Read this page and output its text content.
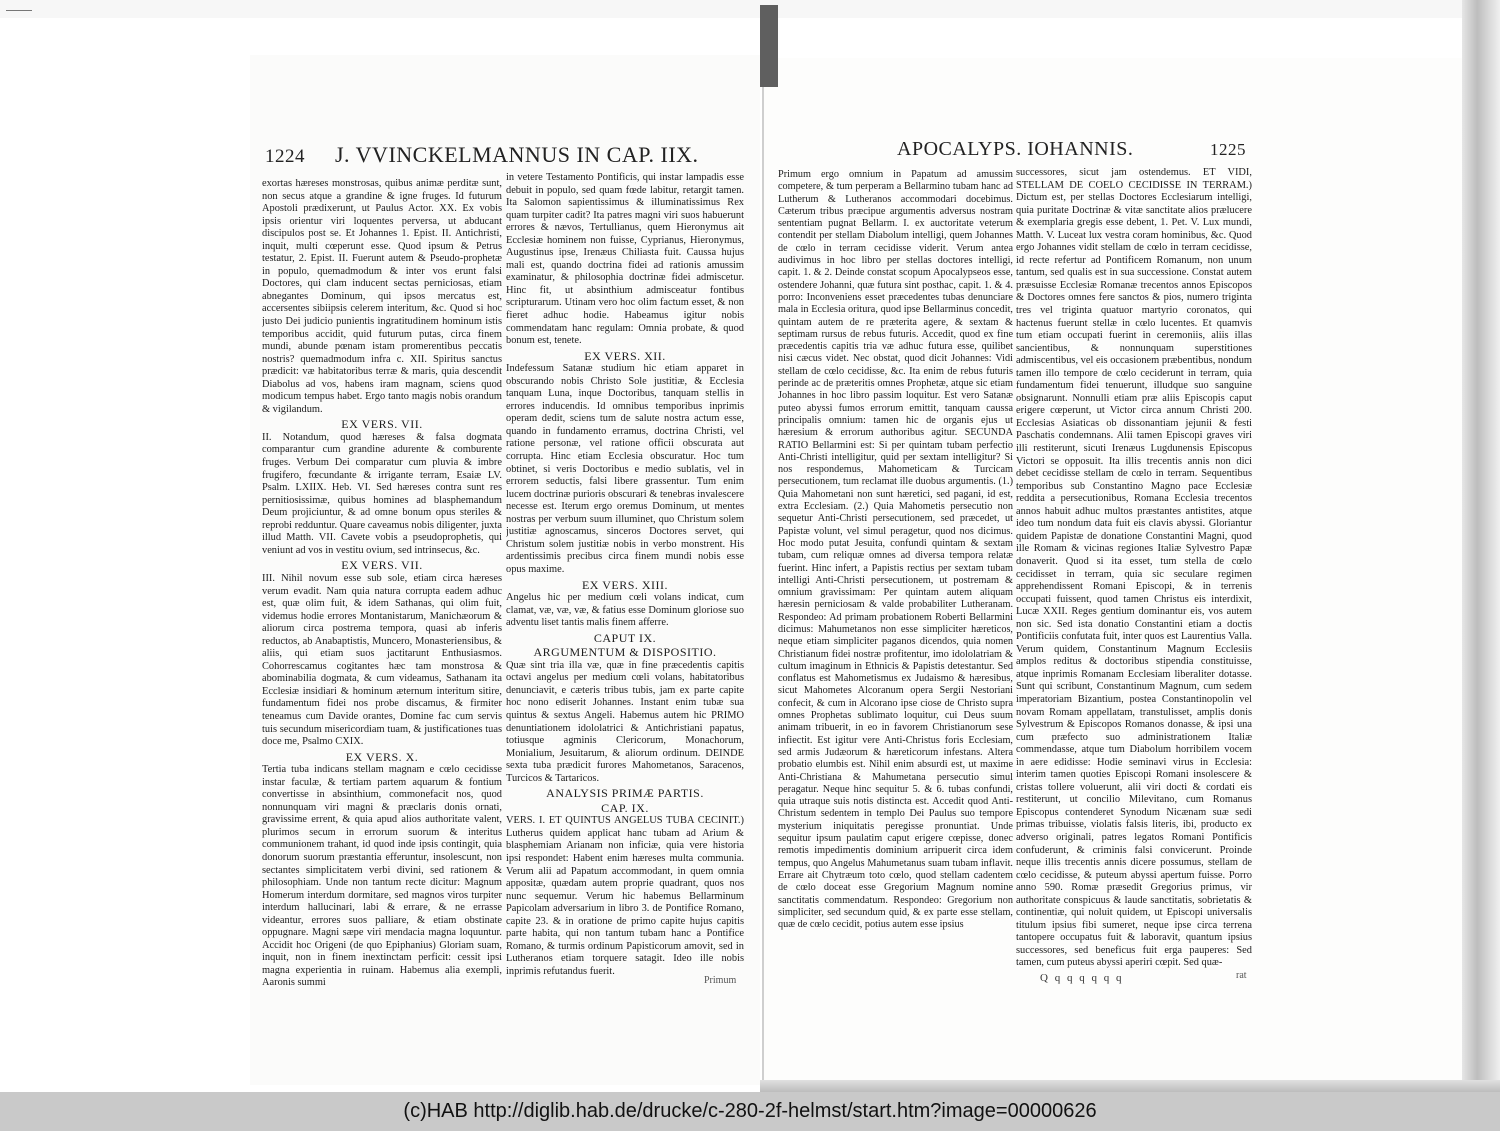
1224 J. VVINCKELMANNUS IN CAP. IIX.	APOCALYPS. IOHANNIS.	1225

exortas hæreses monstrosas, quibus animæ perditæ sunt, non secus atque a grandine & igne fruges. Id futurum Apostoli prædixerunt, ut Paulus Actor. XX. Ex vobis ipsis orientur viri loquentes perversa, ut abducant discipulos post se. Et Johannes 1. Epist. II. Antichristi, inquit, multi cœperunt esse. Quod ipsum & Petrus testatur, 2. Epist. II. Fuerunt autem & Pseudo-prophetæ in populo, quemadmodum & inter vos erunt falsi Doctores, qui clam inducent sectas perniciosas, etiam abnegantes Dominum, qui ipsos mercatus est, accersentes sibiipsis celerem interitum, &c. Quod si hoc justo Dei judicio punientis ingratitudinem hominum istis temporibus accidit, quid futurum putas, circa finem mundi, abunde pœnam istam promerentibus peccatis nostris? quemadmodum infra c. XII. Spiritus sanctus prædicit: væ habitatoribus terræ & maris, quia descendit Diabolus ad vos, habens iram magnam, sciens quod modicum tempus habet. Ergo tanto magis nobis orandum & vigilandum.

EX VERS. VII.

II. Notandum, quod hæreses & falsa dogmata comparantur cum grandine adurente & comburente fruges. Verbum Dei comparatur cum pluvia & imbre frugifero, fœcundante & irrigante terram, Esaiæ LV. Psalm. LXIIX. Heb. VI. Sed hæreses contra sunt res pernitiosissimæ, quibus homines ad blasphemandum Deum projiciuntur, & ad omne bonum opus steriles & reprobi redduntur. Quare caveamus nobis diligenter, juxta illud Matth. VII. Cavete vobis a pseudoprophetis, qui veniunt ad vos in vestitu ovium, sed intrinsecus, &c.

EX VERS. VII.

III. Nihil novum esse sub sole, etiam circa hæreses verum evadit. Nam quia natura corrupta eadem adhuc est, quæ olim fuit, & idem Sathanas, qui olim fuit, videmus hodie errores Montanistarum, Manichæorum & aliorum circa postrema tempora, quasi ab inferis reductos, ab Anabaptistis, Muncero, Monasteriensibus, & aliis, qui etiam suos jactitarunt Enthusiasmos. Cohorrescamus cogitantes hæc tam monstrosa & abominabilia dogmata, & cum videamus, Sathanam ita Ecclesiæ insidiari & hominum æternum interitum sitire, fundamentum fidei nos probe discamus, & firmiter teneamus cum Davide orantes, Domine fac cum servis tuis secundum misericordiam tuam, & justificationes tuas doce me, Psalmo CXIX.

EX VERS. X.

Tertia tuba indicans stellam magnam e cœlo cecidisse instar faculæ, & tertiam partem aquarum & fontium convertisse in absinthium, commonefacit nos, quod nonnunquam viri magni & præclaris donis ornati, gravissime errent, & quia apud alios authoritate valent, plurimos secum in errorum suorum & interitus communionem trahant, id quod inde ipsis contingit, quia donorum suorum præstantia efferuntur, insolescunt, non sectantes simplicitatem verbi divini, sed rationem & philosophiam. Unde non tantum recte dicitur: Magnum Homerum interdum dormitare, sed magnos viros turpiter interdum hallucinari, labi & errare, & ne errasse videantur, errores suos palliare, & etiam obstinate oppugnare. Magni sæpe viri mendacia magna loquuntur. Accidit hoc Origeni (de quo Epiphanius) Gloriam suam, inquit, non in finem inextinctam perficit: cessit ipsi magna experientia in ruinam. Habemus alia exempli, Aaronis summi

in vetere Testamento Pontificis, qui instar lampadis esse debuit in populo, sed quam fœde labitur, retargit tamen. Ita Salomon sapientissimus & illuminatissimus Rex quam turpiter cadit? Ita patres magni viri suos habuerunt errores & nævos, Tertullianus, quem Hieronymus ait Ecclesiæ hominem non fuisse, Cyprianus, Hieronymus, Augustinus ipse, Irenæus Chiliasta fuit. Caussa hujus mali est, quando doctrina fidei ad rationis amussim examinatur, & philosophia doctrinæ fidei admiscetur. Hinc fit, ut absinthium admisceatur fontibus scripturarum. Utinam vero hoc olim factum esset, & non fieret adhuc hodie. Habeamus igitur nobis commendatam hanc regulam: Omnia probate, & quod bonum est, tenete.

EX VERS. XII.

Indefessum Satanæ studium hic etiam apparet in obscurando nobis Christo Sole justitiæ, & Ecclesia tanquam Luna, inque Doctoribus, tanquam stellis in errores inducendis. Id omnibus temporibus inprimis operam dedit, sciens tum de salute nostra actum esse, quando in fundamento erramus, doctrina Christi, vel ratione personæ, vel ratione officii obscurata aut corrupta. Hinc etiam Ecclesia obscuratur. Hoc tum obtinet, si veris Doctoribus e medio sublatis, vel in errorem seductis, falsi libere grassentur. Tum enim lucem doctrinæ purioris obscurari & tenebras invalescere necesse est. Iterum ergo oremus Dominum, ut mentes nostras per verbum suum illuminet, quo Christum solem justitiæ agnoscamus, sinceros Doctores servet, qui Christum solem justitiæ nobis in verbo monstrent. His ardentissimis precibus circa finem mundi nobis esse opus maxime.

EX VERS. XIII.

Angelus hic per medium cœli volans indicat, cum clamat, væ, væ, væ, & fatius esse Dominum gloriose suo adventu liset tantis malis finem afferre.

CAPUT IX.

ARGUMENTUM & DISPOSITIO.

Quæ sint tria illa væ, quæ in fine præcedentis capitis octavi angelus per medium cœli volans, habitatoribus denunciavit, e cæteris tribus tubis, jam ex parte capite hoc nono ediserit Johannes. Instant enim tubæ sua quintus & sextus Angeli. Habemus autem hic PRIMO denuntiationem idololatrici & Antichristiani papatus, totiusque agminis Clericorum, Monachorum, Monialium, Jesuitarum, & aliorum ordinum. DEINDE sexta tuba prædicit furores Mahometanos, Saracenos, Turcicos & Tartaricos.

ANALYSIS PRIMÆ PARTIS.

CAP. IX.

VERS. I. ET QUINTUS ANGELUS TUBA CECINIT.) Lutherus quidem applicat hanc tubam ad Arium & blasphemiam Arianam non inficiæ, quia vere historia ipsi respondet: Habent enim hæreses multa communia. Verum alii ad Papatum accommodant, in quem omnia appositæ, quædam autem proprie quadrant, quos nos nunc sequemur. Verum hic habemus Bellarminum Papicolam adversarium in libro 3. de Pontifice Romano, capite 23. & in oratione de primo capite hujus capitis parte habita, qui non tantum tubam hanc a Pontifice Romano, & turmis ordinum Papisticorum amovit, sed in Lutheranos etiam torquere satagit. Ideo ille nobis inprimis refutandus fuerit.

Primum ergo omnium in Papatum ad amussim competere, & tum perperam a Bellarmino tubam hanc ad Lutherum & Lutheranos accommodari docebimus. Cæterum tribus præcipue argumentis adversus nostram sententiam pugnat Bellarm. I. ex auctoritate veterum contendit per stellam Diabolum intelligi, quem Johannes de cœlo in terram cecidisse viderit. Verum antea audivimus in hoc libro per stellas doctores intelligi, capit. 1. & 2. Deinde constat scopum Apocalypseos esse, ostendere Johanni, quæ futura sint posthac, capit. 1. & 4. porro: Inconveniens esset præcedentes tubas denunciare mala in Ecclesia oritura, quod ipse Bellarminus concedit, quintam autem de re præterita agere, & sextam & septimam rursus de rebus futuris. Accedit, quod ex fine præcedentis capitis tria væ adhuc futura esse, quilibet nisi cæcus videt. Nec obstat, quod dicit Johannes: Vidi stellam de cœlo cecidisse, &c. Ita enim de rebus futuris perinde ac de præteritis omnes Prophetæ, atque sic etiam Johannes in hoc libro passim loquitur. Est vero Satanæ puteo abyssi fumos errorum emittit, tanquam caussa principalis omnium: tamen hic de organis ejus ut hæresium & errorum authoribus agitur. SECUNDA RATIO Bellarmini est: Si per quintam tubam perfectio Anti-Christi intelligitur, quid per sextam intelligitur? Si nos respondemus, Mahometicam & Turcicam persecutionem, tum reclamat ille duobus argumentis. (1.) Quia Mahometani non sunt hæretici, sed pagani, id est, extra Ecclesiam. (2.) Quia Mahometis persecutio non sequetur Anti-Christi persecutionem, sed præcedet, ut Papistæ volunt, vel simul peragetur, quod nos dicimus. Hoc modo putat Jesuita, confundi quintam & sextam tubam, cum reliquæ omnes ad diversa tempora relatæ fuerint. Hinc infert, a Papistis rectius per sextam tubam intelligi Anti-Christi persecutionem, ut postremam & omnium gravissimam: Per quintam autem aliquam hæresin perniciosam & valde probabiliter Lutheranam. Respondeo: Ad primam probationem Roberti Bellarmini dicimus: Mahumetanos non esse simpliciter hæreticos, neque etiam simpliciter paganos dicendos, quia nomen Christianum fidei nostræ profitentur, imo idololatriam & cultum imaginum in Ethnicis & Papistis detestantur. Sed conflatus est Mahometismus ex Judaismo & hæresibus, sicut Mahometes Alcoranum opera Sergii Nestoriani confecit, & cum in Alcorano ipse ciose de Christo supra omnes Prophetas sublimato loquitur, cui Deus suum animam tribuerit, in eo in favorem Christianorum sese infiectit. Est igitur vere Anti-Christus foris Ecclesiam, sed armis Judæorum & hæreticorum infestans. Altera probatio elumbis est. Nihil enim absurdi est, ut maxime Anti-Christiana & Mahumetana persecutio simul peragatur. Neque hinc sequitur 5. & 6. tubas confundi, quia utraque suis notis distincta est. Accedit quod Anti-Christum sedentem in templo Dei Paulus suo tempore mysterium iniquitatis peregisse pronuntiat. Unde sequitur ipsum paulatim caput erigere cœpisse, donec remotis impedimentis dominium arripuerit circa idem tempus, quo Angelus Mahumetanus suam tubam inflavit. Errare ait Chytræum toto cœlo, quod stellam cadentem de cœlo doceat esse Gregorium Magnum nomine sanctitatis commendatum. Respondeo: Gregorium non simpliciter, sed secundum quid, & ex parte esse stellam, quæ de cœlo cecidit, potius autem esse ipsius

successores, sicut jam ostendemus. ET VIDI, STELLAM DE COELO CECIDISSE IN TERRAM.) Dictum est, per stellas Doctores Ecclesiarum intelligi, quia puritate Doctrinæ & vitæ sanctitate alios prælucere & exemplaria gregis esse debent, 1. Pet. V. Lux mundi, Matth. V. Luceat lux vestra coram hominibus, &c. Quod ergo Johannes vidit stellam de cœlo in terram cecidisse, id recte refertur ad Pontificem Romanum, non unum tantum, sed qualis est in sua successione. Constat autem præsuisse Ecclesiæ Romanæ trecentos annos Episcopos & Doctores omnes fere sanctos & pios, numero triginta tres vel triginta quatuor martyrio coronatos, qui hactenus fuerunt stellæ in cœlo lucentes. Et quamvis tum etiam occupati fuerint in ceremoniis, aliis illas sancientibus, & nonnunquam superstitiones admiscentibus, vel eis occasionem præbentibus, nondum tamen illo tempore de cœlo ceciderunt in terram, quia fundamentum fidei tenuerunt, illudque suo sanguine obsignarunt. Nonnulli etiam præ aliis Episcopis caput erigere cœperunt, ut Victor circa annum Christi 200. Ecclesias Asiaticas ob dissonantiam jejunii & festi Paschatis condemnans. Alii tamen Episcopi graves viri illi restiterunt, sicuti Irenæus Lugdunensis Episcopus Victori se opposuit. Ita illis trecentis annis non dici debet cecidisse stellam de cœlo in terram. Sequentibus temporibus sub Constantino Magno pace Ecclesiæ reddita a persecutionibus, Romana Ecclesia trecentos annos habuit adhuc multos præstantes antistites, atque ideo tum nondum data fuit eis clavis abyssi. Gloriantur quidem Papistæ de donatione Constantini Magni, quod ille Romam & vicinas regiones Italiæ Sylvestro Papæ donaverit. Quod si ita esset, tum stella de cœlo cecidisset in terram, quia sic seculare regimen apprehendissent Romani Episcopi, & in terrenis occupati fuissent, quod tamen Christus eis interdixit, Lucæ XXII. Reges gentium dominantur eis, vos autem non sic. Sed ista donatio Constantini etiam a doctis Pontificiis confutata fuit, inter quos est Laurentius Valla. Verum quidem, Constantinum Magnum Ecclesiis amplos reditus & doctoribus stipendia constituisse, atque inprimis Romanam Ecclesiam liberaliter dotasse. Sunt qui scribunt, Constantinum Magnum, cum sedem imperatoriam Bizantium, postea Constantinopolin vel novam Romam appellatam, transtulisset, amplis donis Sylvestrum & Episcopos Romanos donasse, & ipsi una cum præfecto suo administrationem Italiæ commendasse, atque tum Diabolum horribilem vocem in aere edidisse: Hodie seminavi virus in Ecclesia: interim tamen quoties Episcopi Romani insolescere & cristas tollere voluerunt, alii viri docti & cordati eis restiterunt, ut concilio Milevitano, cum Romanus Episcopus contenderet Synodum Nicænam suæ sedi primas tribuisse, violatis falsis literis, ibi, producto ex adverso originali, patres legatos Romani Pontificis confuderunt, & criminis falsi convicerunt. Proinde neque illis trecentis annis dicere possumus, stellam de cœlo cecidisse, & puteum abyssi apertum fuisse. Porro anno 590. Romæ præsedit Gregorius primus, vir authoritate conspicuus & laude sanctitatis, sobrietatis & continentiæ, qui noluit quidem, ut Episcopi universalis titulum ipsius fibi sumeret, neque ipse circa terrena tantopere occupatus fuit & laboravit, quantum ipsius successores, sed beneficus fuit erga pauperes: Sed tamen, cum puteus abyssi aperiri cœpit. Sed quæ-

Primum	Q q q q q q q	rat
(c)HAB http://diglib.hab.de/drucke/c-280-2f-helmst/start.htm?image=00000626
